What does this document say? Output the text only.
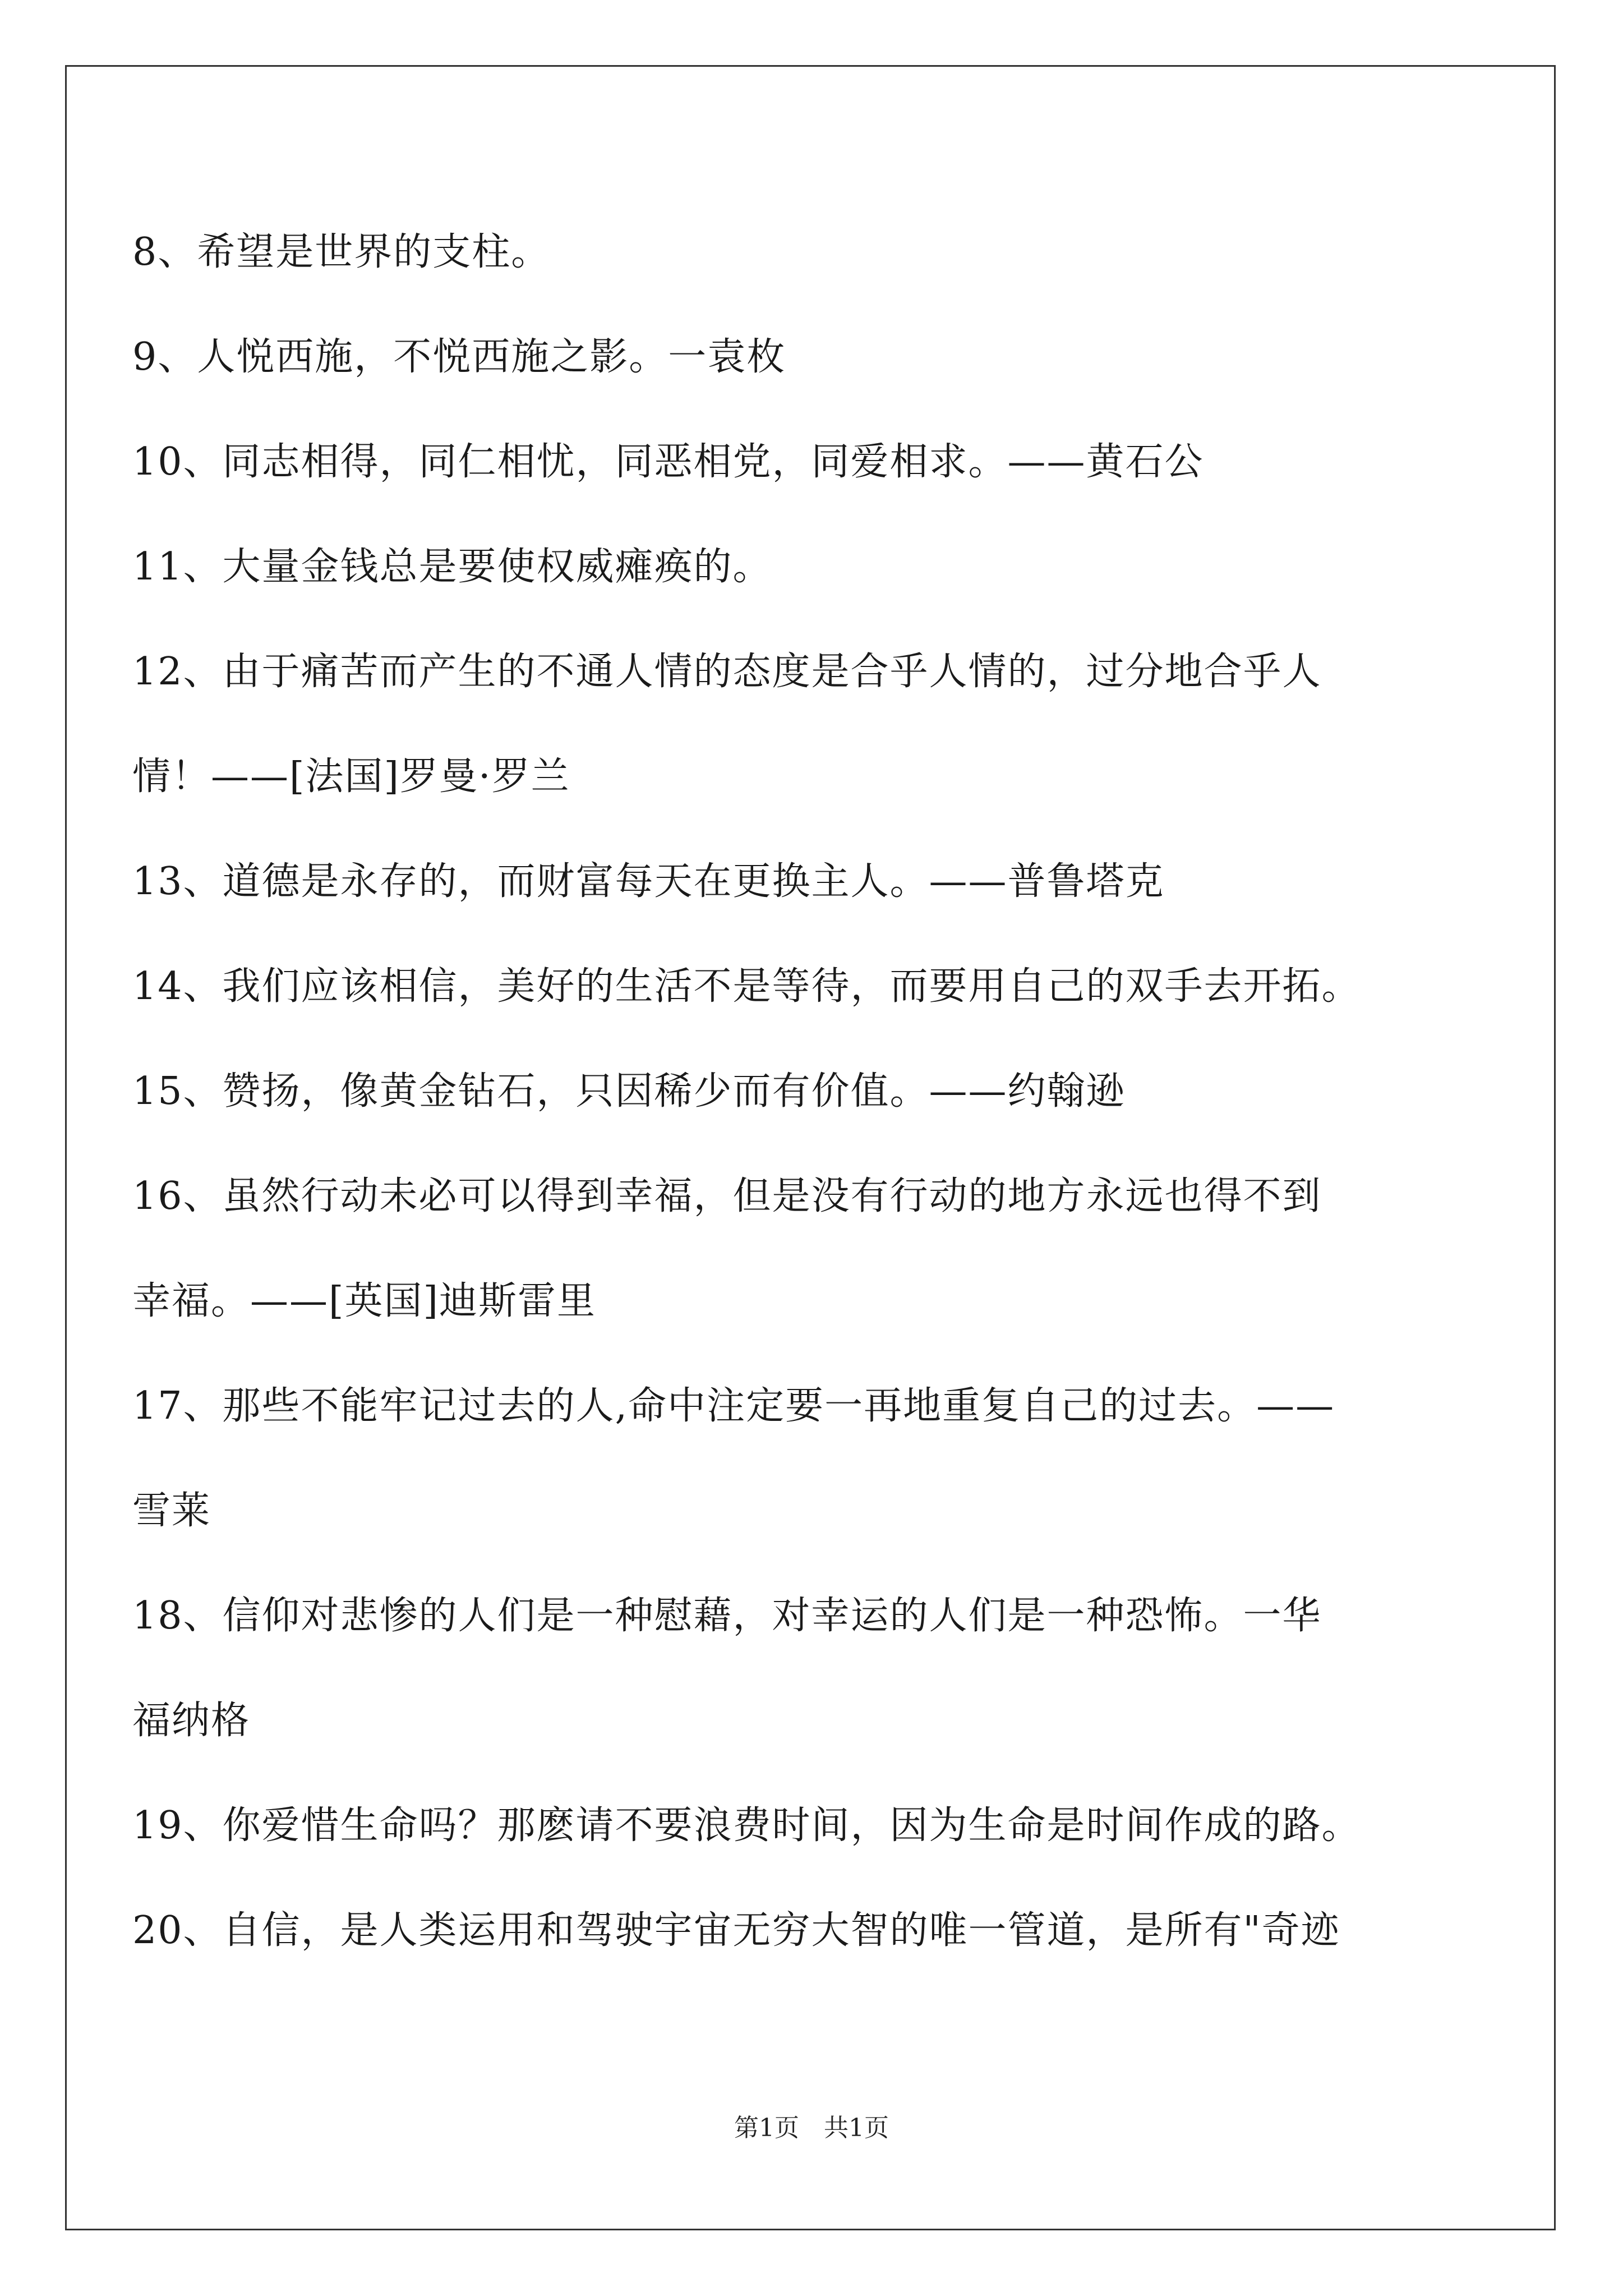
8、希望是世界的支柱。
9、人悦西施，不悦西施之影。一袁枚
10、同志相得，同仁相忧，同恶相党，同爱相求。——黄石公
11、大量金钱总是要使权威瘫痪的。
12、由于痛苦而产生的不通人情的态度是合乎人情的，过分地合乎人
情！——[法国]罗曼·罗兰
13、道德是永存的，而财富每天在更换主人。——普鲁塔克
14、我们应该相信，美好的生活不是等待，而要用自己的双手去开拓。
15、赞扬，像黄金钻石，只因稀少而有价值。——约翰逊
16、虽然行动未必可以得到幸福，但是没有行动的地方永远也得不到
幸福。——[英国]迪斯雷里
17、那些不能牢记过去的人,命中注定要一再地重复自己的过去。——
雪莱
18、信仰对悲惨的人们是一种慰藉，对幸运的人们是一种恐怖。一华
福纳格
19、你爱惜生命吗？那麽请不要浪费时间，因为生命是时间作成的路。
20、自信，是人类运用和驾驶宇宙无穷大智的唯一管道，是所有"奇迹
第1页　共1页
